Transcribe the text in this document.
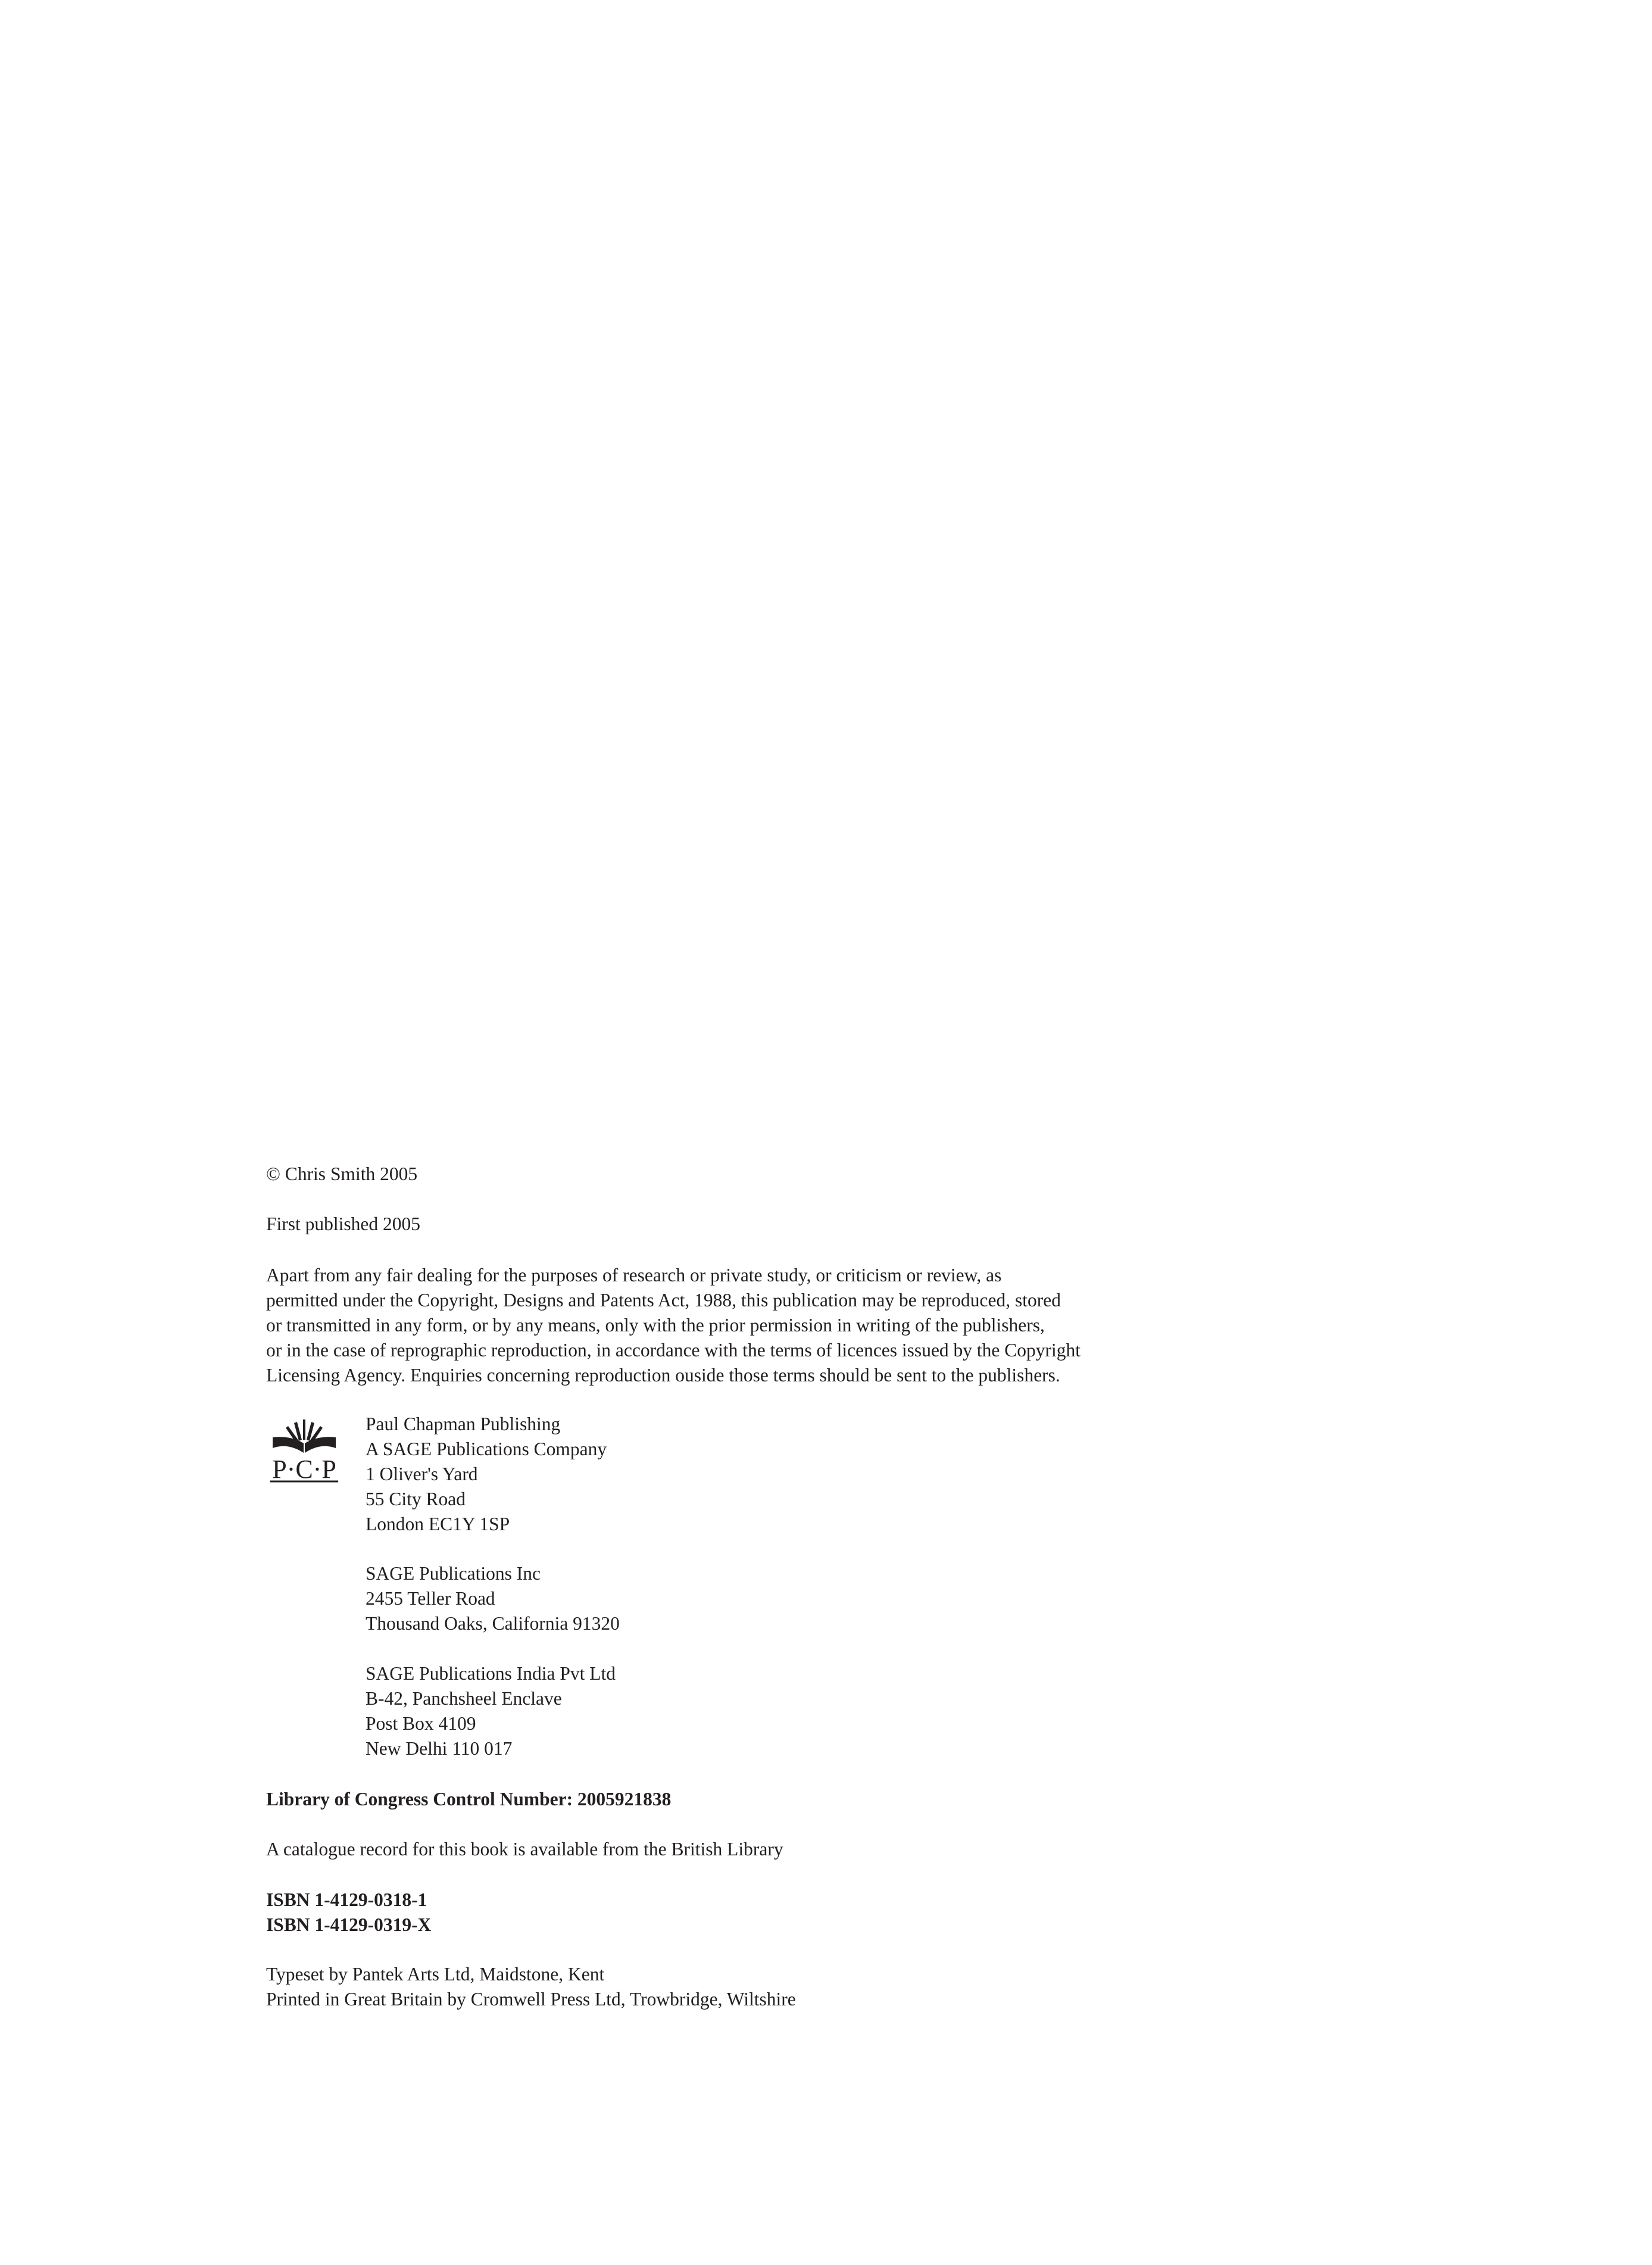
© Chris Smith 2005
First published 2005
Apart from any fair dealing for the purposes of research or private study, or criticism or review, as
permitted under the Copyright, Designs and Patents Act, 1988, this publication may be reproduced, stored
or transmitted in any form, or by any means, only with the prior permission in writing of the publishers,
or in the case of reprographic reproduction, in accordance with the terms of licences issued by the Copyright
Licensing Agency. Enquiries concerning reproduction ouside those terms should be sent to the publishers.
P·C·P
Paul Chapman Publishing
A SAGE Publications Company
1 Oliver's Yard
55 City Road
London EC1Y 1SP
SAGE Publications Inc
2455 Teller Road
Thousand Oaks, California 91320
SAGE Publications India Pvt Ltd
B-42, Panchsheel Enclave
Post Box 4109
New Delhi 110 017
Library of Congress Control Number: 2005921838
A catalogue record for this book is available from the British Library
ISBN 1-4129-0318-1
ISBN 1-4129-0319-X
Typeset by Pantek Arts Ltd, Maidstone, Kent
Printed in Great Britain by Cromwell Press Ltd, Trowbridge, Wiltshire
